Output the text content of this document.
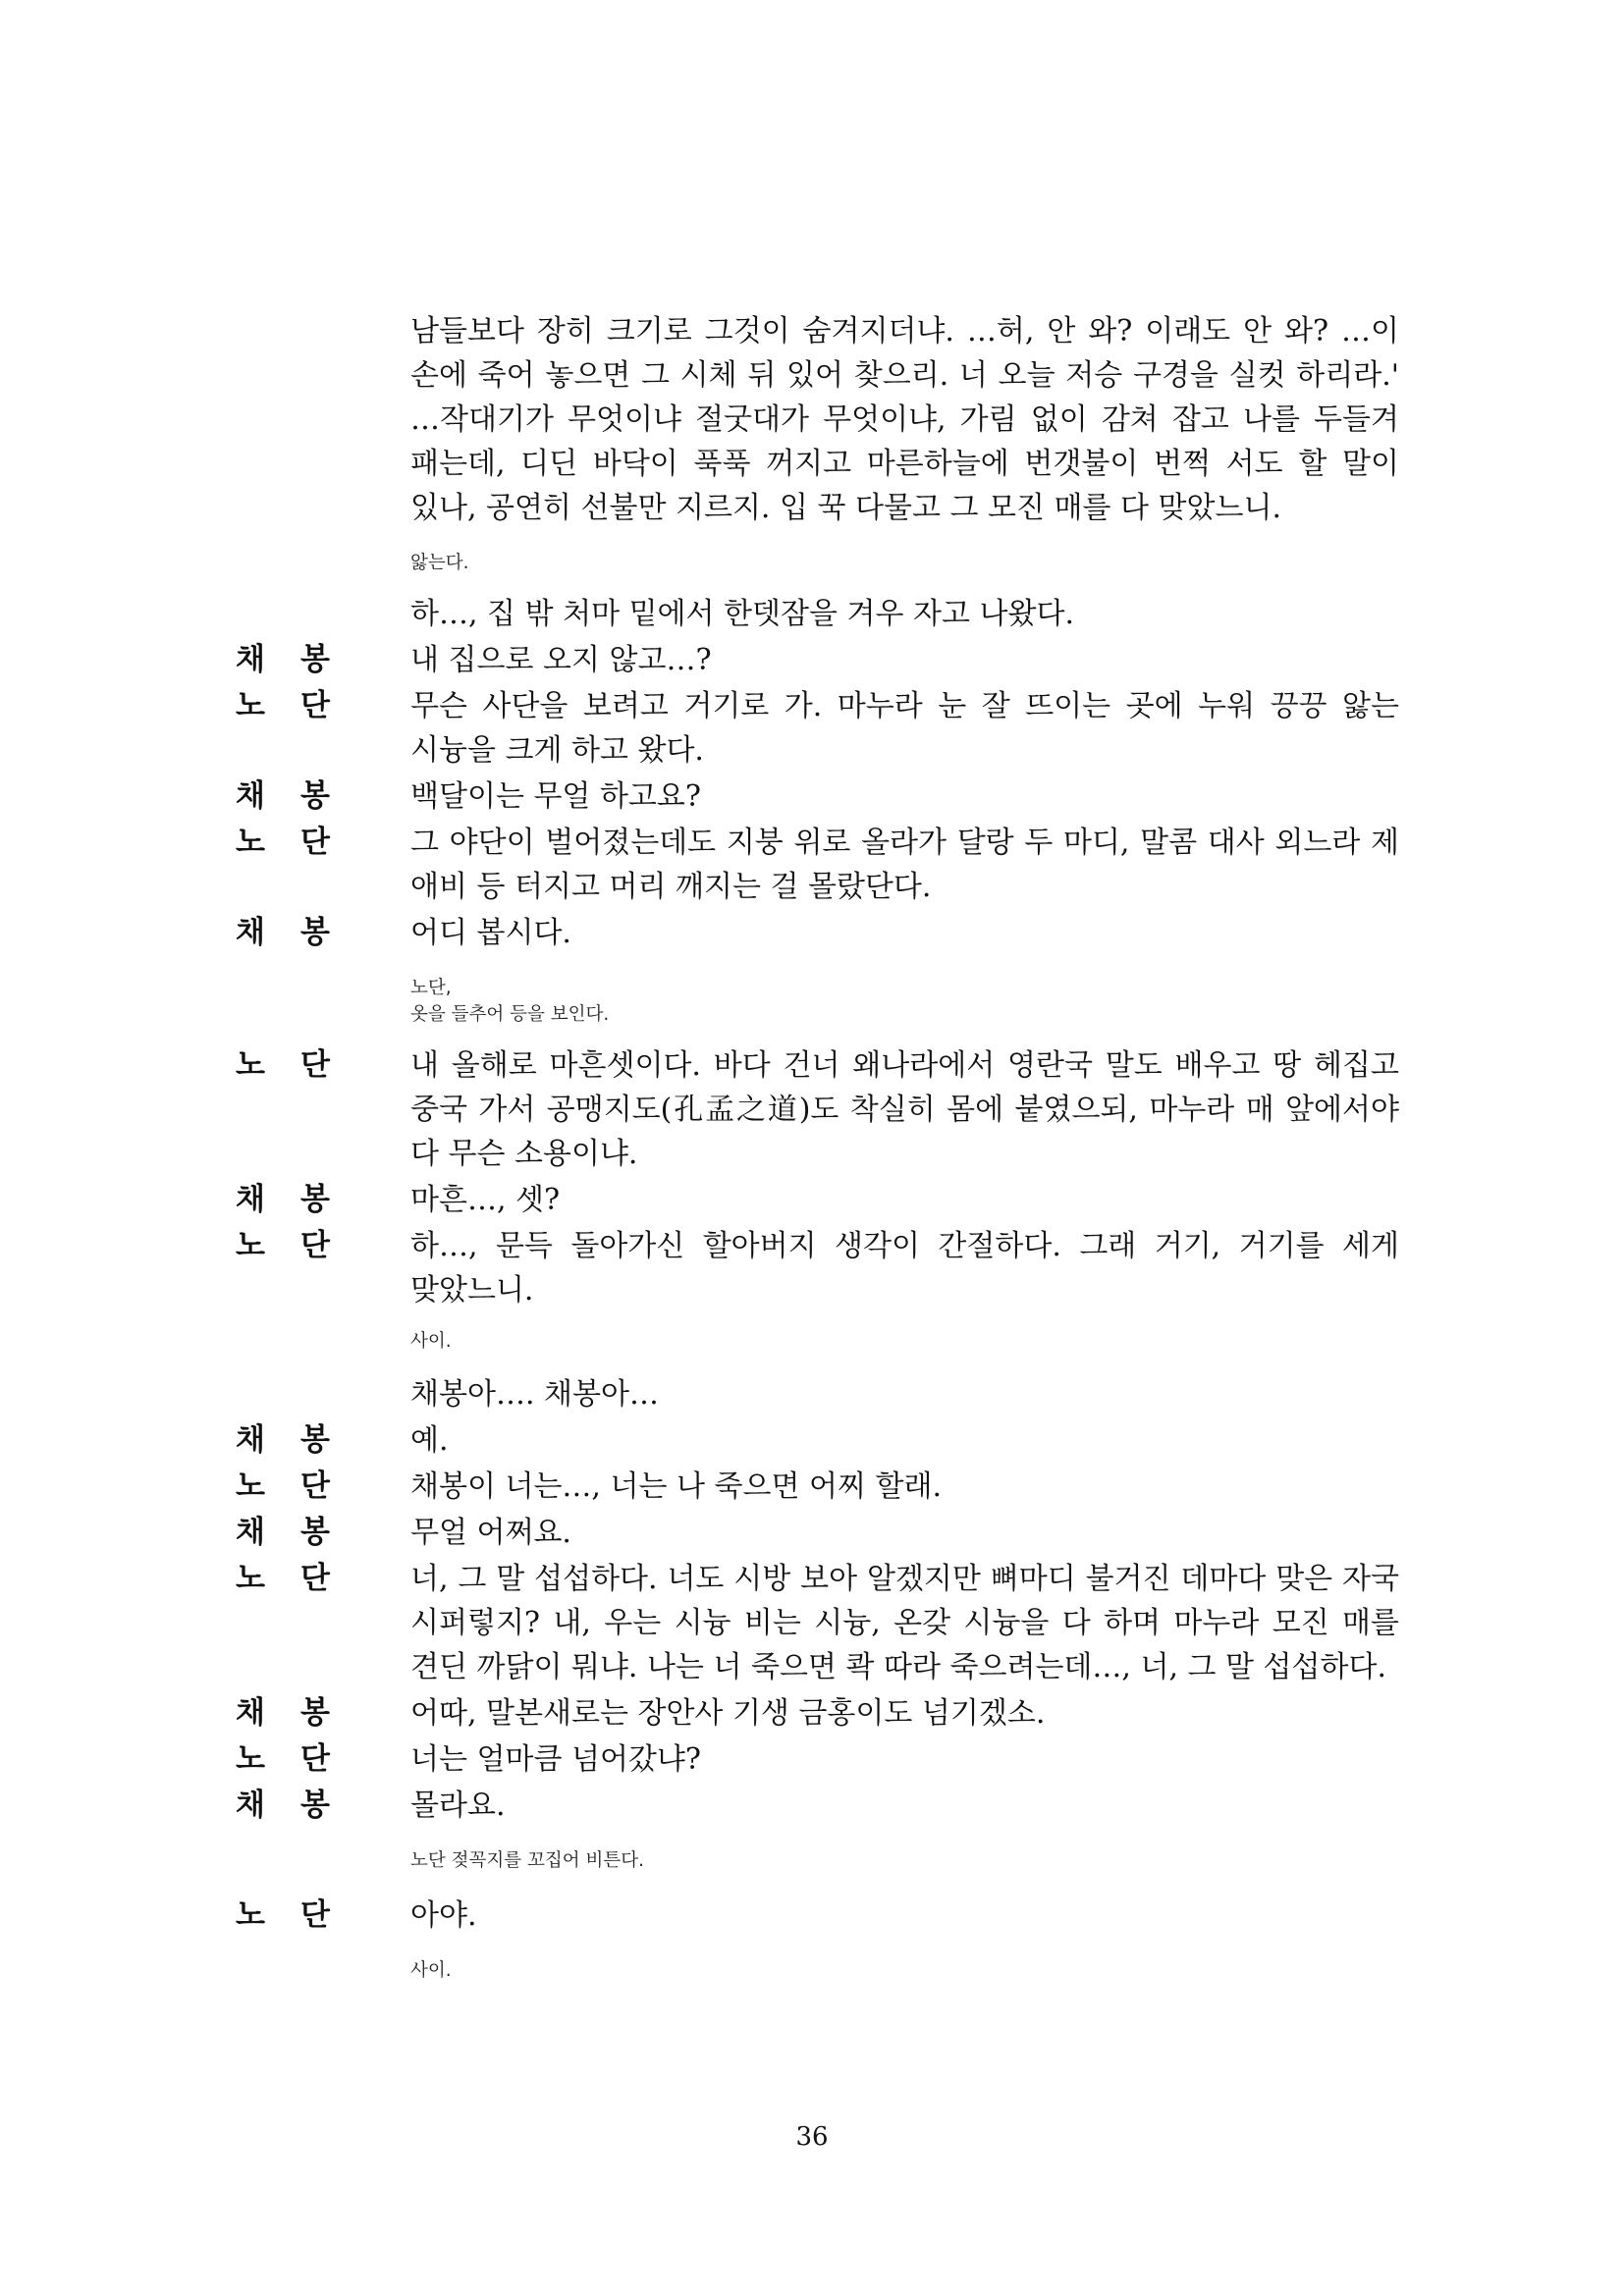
남들보다 장히 크기로 그것이 숨겨지더냐. …허, 안 와? 이래도 안 와? …이 손에 죽어 놓으면 그 시체 뒤 있어 찾으리. 너 오늘 저승 구경을 실컷 하리라.' …작대기가 무엇이냐 절굿대가 무엇이냐, 가림 없이 감쳐 잡고 나를 두들겨 패는데, 디딘 바닥이 푹푹 꺼지고 마른하늘에 번갯불이 번쩍 서도 할 말이 있나, 공연히 선불만 지르지. 입 꾹 다물고 그 모진 매를 다 맞았느니.
앓는다.
하…, 집 밖 처마 밑에서 한뎃잠을 겨우 자고 나왔다.
채봉	내 집으로 오지 않고…?
노단	무슨 사단을 보려고 거기로 가. 마누라 눈 잘 뜨이는 곳에 누워 끙끙 앓는 시늉을 크게 하고 왔다.
채봉	백달이는 무얼 하고요?
노단	그 야단이 벌어졌는데도 지붕 위로 올라가 달랑 두 마디, 말콤 대사 외느라 제 애비 등 터지고 머리 깨지는 걸 몰랐단다.
채봉	어디 봅시다.
노단,
옷을 들추어 등을 보인다.
노단	내 올해로 마흔셋이다. 바다 건너 왜나라에서 영란국 말도 배우고 땅 헤집고 중국 가서 공맹지도(孔孟之道)도 착실히 몸에 붙였으되, 마누라 매 앞에서야 다 무슨 소용이냐.
채봉	마흔…, 셋?
노단	하…, 문득 돌아가신 할아버지 생각이 간절하다. 그래 거기, 거기를 세게 맞았느니.
사이.
채봉아…. 채봉아…
채봉	예.
노단	채봉이 너는…, 너는 나 죽으면 어찌 할래.
채봉	무얼 어쩌요.
노단	너, 그 말 섭섭하다. 너도 시방 보아 알겠지만 뼈마디 불거진 데마다 맞은 자국 시퍼렇지? 내, 우는 시늉 비는 시늉, 온갖 시늉을 다 하며 마누라 모진 매를 견딘 까닭이 뭐냐. 나는 너 죽으면 콱 따라 죽으려는데…, 너, 그 말 섭섭하다.
채봉	어따, 말본새로는 장안사 기생 금홍이도 넘기겠소.
노단	너는 얼마큼 넘어갔냐?
채봉	몰라요.
노단 젖꼭지를 꼬집어 비튼다.
노단	아야.
사이.
36
